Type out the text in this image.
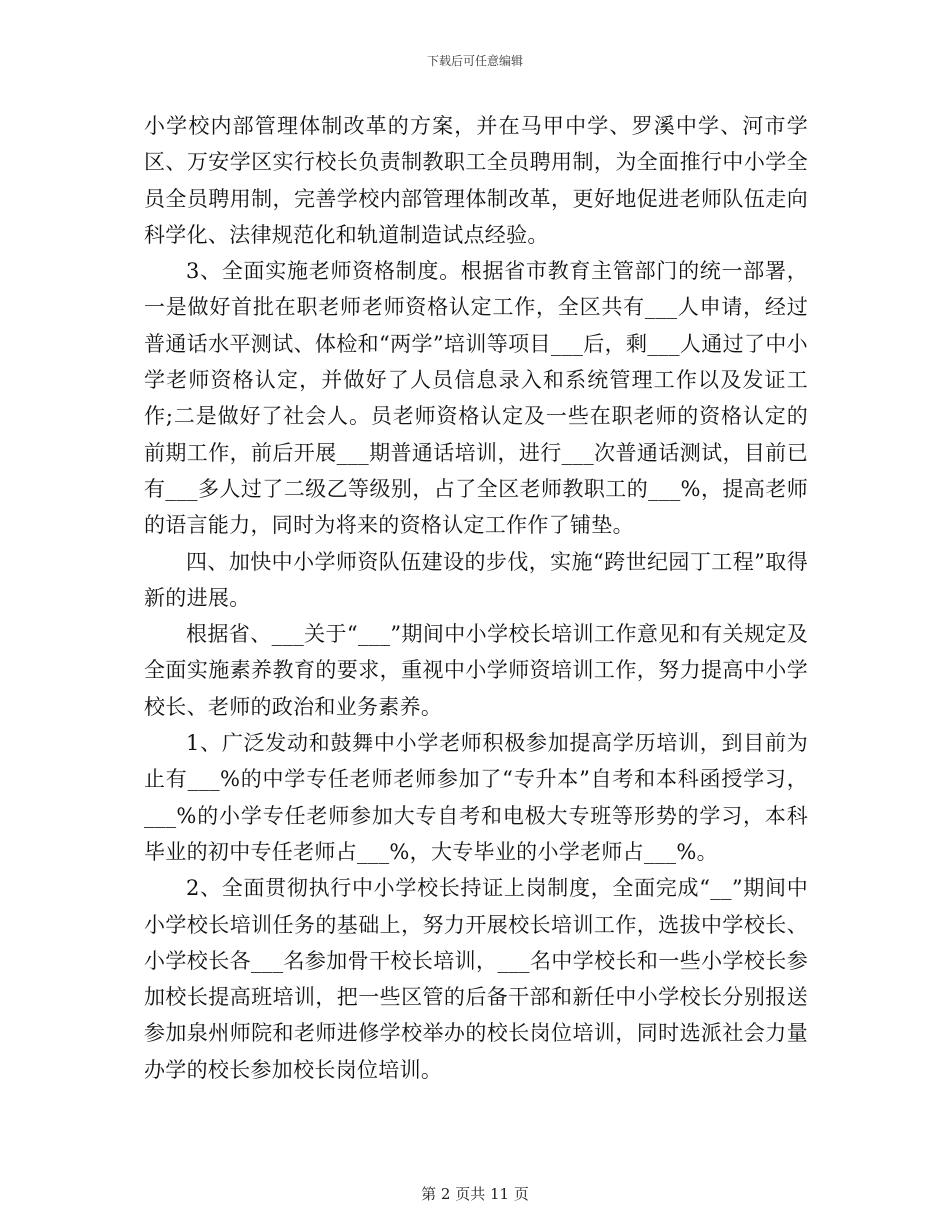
下载后可任意编辑

小学校内部管理体制改革的方案，并在马甲中学、罗溪中学、河市学区、万安学区实行校长负责制教职工全员聘用制，为全面推行中小学全员全员聘用制，完善学校内部管理体制改革，更好地促进老师队伍走向科学化、法律规范化和轨道制造试点经验。

3、全面实施老师资格制度。根据省市教育主管部门的统一部署，一是做好首批在职老师老师资格认定工作，全区共有___人申请，经过普通话水平测试、体检和“两学”培训等项目___后，剩___人通过了中小学老师资格认定，并做好了人员信息录入和系统管理工作以及发证工作;二是做好了社会人。员老师资格认定及一些在职老师的资格认定的前期工作，前后开展___期普通话培训，进行___次普通话测试，目前已有___多人过了二级乙等级别，占了全区老师教职工的___%，提高老师的语言能力，同时为将来的资格认定工作作了铺垫。

四、加快中小学师资队伍建设的步伐，实施“跨世纪园丁工程”取得新的进展。

根据省、___关于“___”期间中小学校长培训工作意见和有关规定及全面实施素养教育的要求，重视中小学师资培训工作，努力提高中小学校长、老师的政治和业务素养。

1、广泛发动和鼓舞中小学老师积极参加提高学历培训，到目前为止有___%的中学专任老师老师参加了“专升本”自考和本科函授学习，___%的小学专任老师参加大专自考和电极大专班等形势的学习，本科毕业的初中专任老师占___%，大专毕业的小学老师占___%。

2、全面贯彻执行中小学校长持证上岗制度，全面完成“__”期间中小学校长培训任务的基础上，努力开展校长培训工作，选拔中学校长、小学校长各___名参加骨干校长培训，___名中学校长和一些小学校长参加校长提高班培训，把一些区管的后备干部和新任中小学校长分别报送参加泉州师院和老师进修学校举办的校长岗位培训，同时选派社会力量办学的校长参加校长岗位培训。

第 2 页共 11 页
